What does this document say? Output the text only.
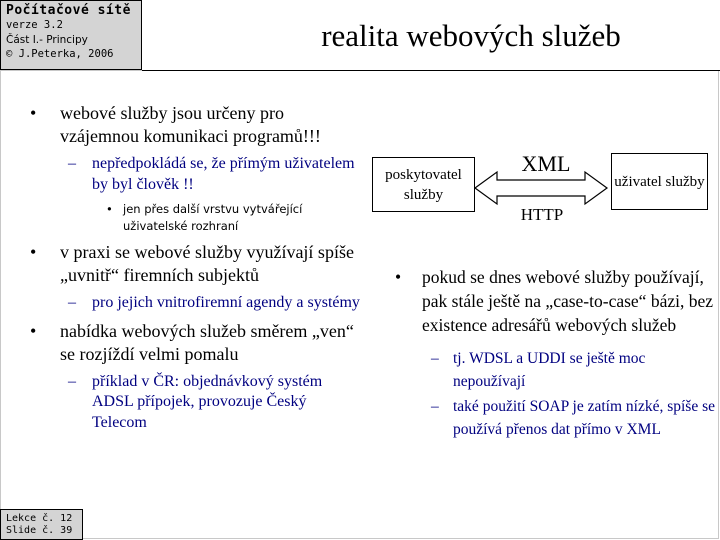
Počítačové sítě
verze 3.2
Část I.- Principy
© J.Peterka, 2006
realita webových služeb
• webové služby jsou určeny pro vzájemnou komunikaci programů!!!
– nepředpokládá se, že přímým uživatelem by byl člověk !!
• jen přes další vrstvu vytvářející uživatelské rozhraní
• v praxi se webové služby využívají spíše „uvnitř“ firemních subjektů
– pro jejich vnitrofiremní agendy a systémy
• nabídka webových služeb směrem „ven“ se rozjíždí velmi pomalu
– příklad v ČR: objednávkový systém ADSL přípojek, provozuje Český Telecom
poskytovatel služby
XML
HTTP
uživatel služby
• pokud se dnes webové služby používají, pak stále ještě na „case-to-case“ bázi, bez existence adresářů webových služeb
– tj. WDSL a UDDI se ještě moc nepoužívají
– také použití SOAP je zatím nízké, spíše se používá přenos dat přímo v XML
Lekce č. 12
Slide č. 39
